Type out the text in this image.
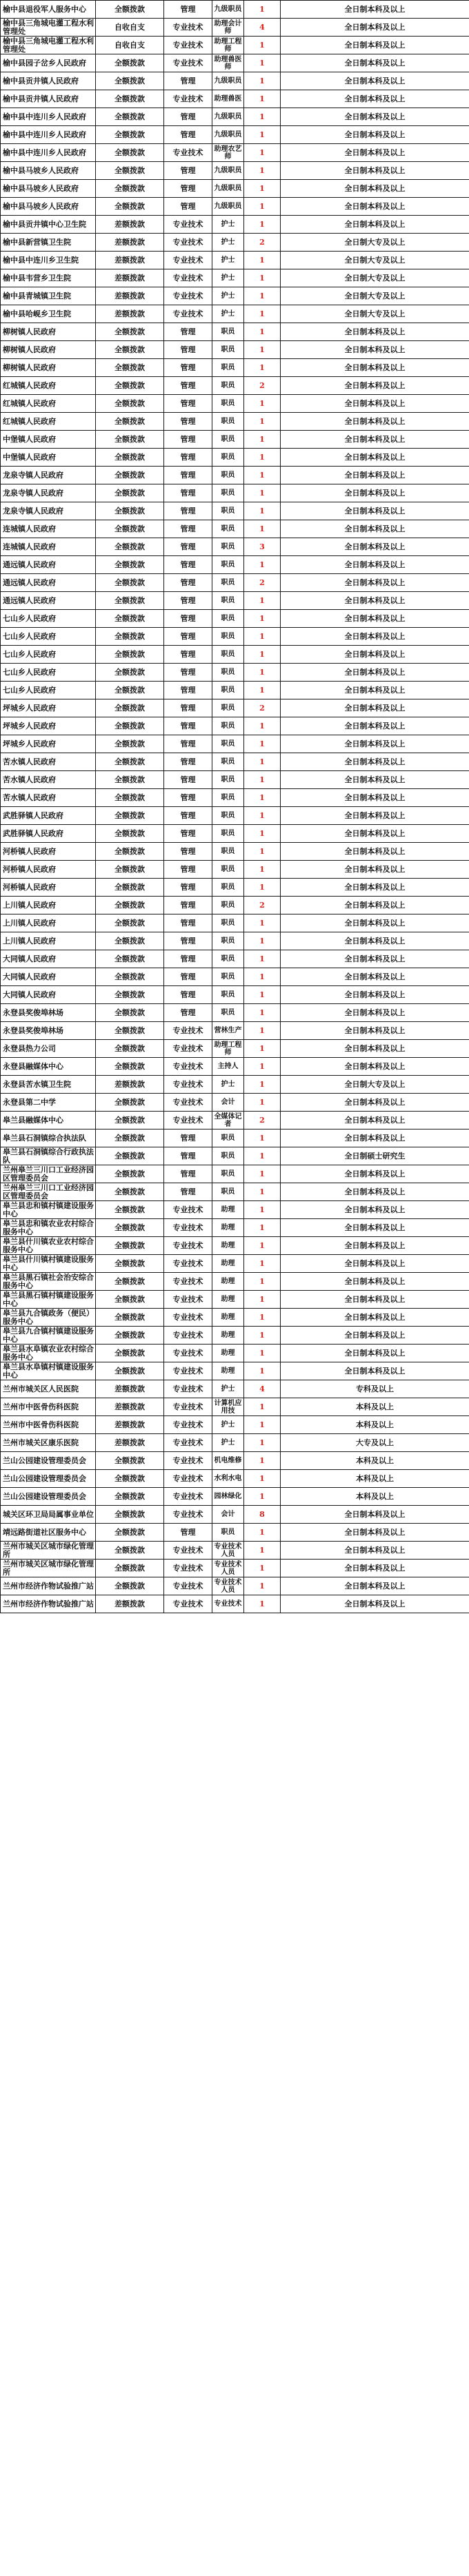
榆中县退役军人服务中心	全额拨款	管理	九级职员	1	全日制本科及以上
榆中县三角城电灌工程水利管理处	自收自支	专业技术	助理会计师	4	全日制本科及以上
榆中县三角城电灌工程水利管理处	自收自支	专业技术	助理工程师	1	全日制本科及以上
榆中县园子岔乡人民政府	全额拨款	专业技术	助理兽医师	1	全日制本科及以上
榆中县贡井镇人民政府	全额拨款	管理	九级职员	1	全日制本科及以上
榆中县贡井镇人民政府	全额拨款	专业技术	助理兽医	1	全日制本科及以上
榆中县中连川乡人民政府	全额拨款	管理	九级职员	1	全日制本科及以上
榆中县中连川乡人民政府	全额拨款	管理	九级职员	1	全日制本科及以上
榆中县中连川乡人民政府	全额拨款	专业技术	助理农艺师	1	全日制本科及以上
榆中县马坡乡人民政府	全额拨款	管理	九级职员	1	全日制本科及以上
榆中县马坡乡人民政府	全额拨款	管理	九级职员	1	全日制本科及以上
榆中县马坡乡人民政府	全额拨款	管理	九级职员	1	全日制本科及以上
榆中县贡井镇中心卫生院	差额拨款	专业技术	护士	1	全日制本科及以上
榆中县新营镇卫生院	差额拨款	专业技术	护士	2	全日制大专及以上
榆中县中连川乡卫生院	差额拨款	专业技术	护士	1	全日制大专及以上
榆中县韦营乡卫生院	差额拨款	专业技术	护士	1	全日制大专及以上
榆中县青城镇卫生院	差额拨款	专业技术	护士	1	全日制大专及以上
榆中县哈岘乡卫生院	差额拨款	专业技术	护士	1	全日制大专及以上
柳树镇人民政府	全额拨款	管理	职员	1	全日制本科及以上
柳树镇人民政府	全额拨款	管理	职员	1	全日制本科及以上
柳树镇人民政府	全额拨款	管理	职员	1	全日制本科及以上
红城镇人民政府	全额拨款	管理	职员	2	全日制本科及以上
红城镇人民政府	全额拨款	管理	职员	1	全日制本科及以上
红城镇人民政府	全额拨款	管理	职员	1	全日制本科及以上
中堡镇人民政府	全额拨款	管理	职员	1	全日制本科及以上
中堡镇人民政府	全额拨款	管理	职员	1	全日制本科及以上
龙泉寺镇人民政府	全额拨款	管理	职员	1	全日制本科及以上
龙泉寺镇人民政府	全额拨款	管理	职员	1	全日制本科及以上
龙泉寺镇人民政府	全额拨款	管理	职员	1	全日制本科及以上
连城镇人民政府	全额拨款	管理	职员	1	全日制本科及以上
连城镇人民政府	全额拨款	管理	职员	3	全日制本科及以上
通远镇人民政府	全额拨款	管理	职员	1	全日制本科及以上
通远镇人民政府	全额拨款	管理	职员	2	全日制本科及以上
通远镇人民政府	全额拨款	管理	职员	1	全日制本科及以上
七山乡人民政府	全额拨款	管理	职员	1	全日制本科及以上
七山乡人民政府	全额拨款	管理	职员	1	全日制本科及以上
七山乡人民政府	全额拨款	管理	职员	1	全日制本科及以上
七山乡人民政府	全额拨款	管理	职员	1	全日制本科及以上
七山乡人民政府	全额拨款	管理	职员	1	全日制本科及以上
坪城乡人民政府	全额拨款	管理	职员	2	全日制本科及以上
坪城乡人民政府	全额拨款	管理	职员	1	全日制本科及以上
坪城乡人民政府	全额拨款	管理	职员	1	全日制本科及以上
苦水镇人民政府	全额拨款	管理	职员	1	全日制本科及以上
苦水镇人民政府	全额拨款	管理	职员	1	全日制本科及以上
苦水镇人民政府	全额拨款	管理	职员	1	全日制本科及以上
武胜驿镇人民政府	全额拨款	管理	职员	1	全日制本科及以上
武胜驿镇人民政府	全额拨款	管理	职员	1	全日制本科及以上
河桥镇人民政府	全额拨款	管理	职员	1	全日制本科及以上
河桥镇人民政府	全额拨款	管理	职员	1	全日制本科及以上
河桥镇人民政府	全额拨款	管理	职员	1	全日制本科及以上
上川镇人民政府	全额拨款	管理	职员	2	全日制本科及以上
上川镇人民政府	全额拨款	管理	职员	1	全日制本科及以上
上川镇人民政府	全额拨款	管理	职员	1	全日制本科及以上
大同镇人民政府	全额拨款	管理	职员	1	全日制本科及以上
大同镇人民政府	全额拨款	管理	职员	1	全日制本科及以上
大同镇人民政府	全额拨款	管理	职员	1	全日制本科及以上
永登县奖俊埠林场	全额拨款	管理	职员	1	全日制本科及以上
永登县奖俊埠林场	全额拨款	专业技术	营林生产	1	全日制本科及以上
永登县热力公司	全额拨款	专业技术	助理工程师	1	全日制本科及以上
永登县融媒体中心	全额拨款	专业技术	主持人	1	全日制本科及以上
永登县苦水镇卫生院	差额拨款	专业技术	护士	1	全日制大专及以上
永登县第二中学	全额拨款	专业技术	会计	1	全日制本科及以上
皋兰县融媒体中心	全额拨款	专业技术	全媒体记者	2	全日制本科及以上
皋兰县石洞镇综合执法队	全额拨款	管理	职员	1	全日制本科及以上
皋兰县石洞镇综合行政执法队	全额拨款	管理	职员	1	全日制硕士研究生
兰州皋兰三川口工业经济园区管理委员会	全额拨款	管理	职员	1	全日制本科及以上
兰州皋兰三川口工业经济园区管理委员会	全额拨款	管理	职员	1	全日制本科及以上
皋兰县忠和镇村镇建设服务中心	全额拨款	专业技术	助理	1	全日制本科及以上
皋兰县忠和镇农业农村综合服务中心	全额拨款	专业技术	助理	1	全日制本科及以上
皋兰县什川镇农业农村综合服务中心	全额拨款	专业技术	助理	1	全日制本科及以上
皋兰县什川镇村镇建设服务中心	全额拨款	专业技术	助理	1	全日制本科及以上
皋兰县黑石镇社会治安综合服务中心	全额拨款	专业技术	助理	1	全日制本科及以上
皋兰县黑石镇村镇建设服务中心	全额拨款	专业技术	助理	1	全日制本科及以上
皋兰县九合镇政务（便民）服务中心	全额拨款	专业技术	助理	1	全日制本科及以上
皋兰县九合镇村镇建设服务中心	全额拨款	专业技术	助理	1	全日制本科及以上
皋兰县水阜镇农业农村综合服务中心	全额拨款	专业技术	助理	1	全日制本科及以上
皋兰县水阜镇村镇建设服务中心	全额拨款	专业技术	助理	1	全日制本科及以上
兰州市城关区人民医院	差额拨款	专业技术	护士	4	专科及以上
兰州市中医骨伤科医院	差额拨款	专业技术	计算机应用技	1	本科及以上
兰州市中医骨伤科医院	差额拨款	专业技术	护士	1	本科及以上
兰州市城关区康乐医院	差额拨款	专业技术	护士	1	大专及以上
兰山公园建设管理委员会	全额拨款	专业技术	机电维修	1	本科及以上
兰山公园建设管理委员会	全额拨款	专业技术	水利水电	1	本科及以上
兰山公园建设管理委员会	全额拨款	专业技术	园林绿化	1	本科及以上
城关区环卫局局属事业单位	全额拨款	专业技术	会计	8	全日制本科及以上
靖远路街道社区服务中心	全额拨款	管理	职员	1	全日制本科及以上
兰州市城关区城市绿化管理所	全额拨款	专业技术	专业技术人员	1	全日制本科及以上
兰州市城关区城市绿化管理所	全额拨款	专业技术	专业技术人员	1	全日制本科及以上
兰州市经济作物试验推广站	全额拨款	专业技术	专业技术人员	1	全日制本科及以上
兰州市经济作物试验推广站	差额拨款	专业技术	专业技术	1	全日制本科及以上
